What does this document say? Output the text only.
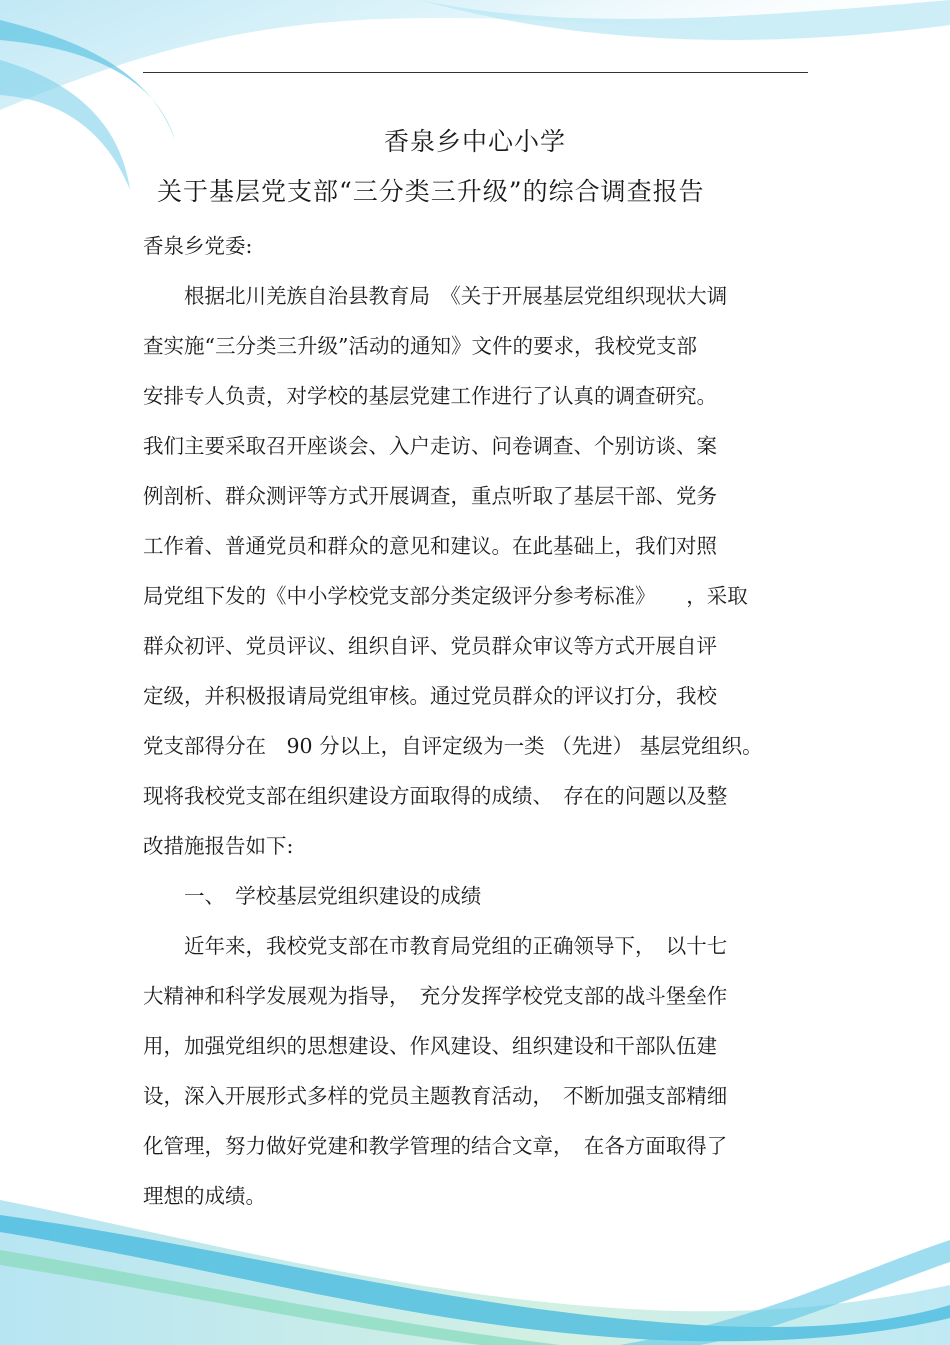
香泉乡中心小学
关于基层党支部“三分类三升级”的综合调查报告
香泉乡党委:
　　根据北川羌族自治县教育局　《关于开展基层党组织现状大调
查实施“三分类三升级”活动的通知》文件的要求，我校党支部
安排专人负责，对学校的基层党建工作进行了认真的调查研究。
我们主要采取召开座谈会、入户走访、问卷调查、个别访谈、案
例剖析、群众测评等方式开展调查，重点听取了基层干部、党务
工作着、普通党员和群众的意见和建议。在此基础上，我们对照
局党组下发的《中小学校党支部分类定级评分参考标准》　　，采取
群众初评、党员评议、组织自评、党员群众审议等方式开展自评
定级，并积极报请局党组审核。通过党员群众的评议打分，我校
党支部得分在　90 分以上，自评定级为一类 （先进） 基层党组织。
现将我校党支部在组织建设方面取得的成绩、　存在的问题以及整
改措施报告如下:
　　一、　学校基层党组织建设的成绩
　　近年来，我校党支部在市教育局党组的正确领导下，　以十七
大精神和科学发展观为指导，　充分发挥学校党支部的战斗堡垒作
用，加强党组织的思想建设、作风建设、组织建设和干部队伍建
设，深入开展形式多样的党员主题教育活动，　不断加强支部精细
化管理，努力做好党建和教学管理的结合文章，　在各方面取得了
理想的成绩。
